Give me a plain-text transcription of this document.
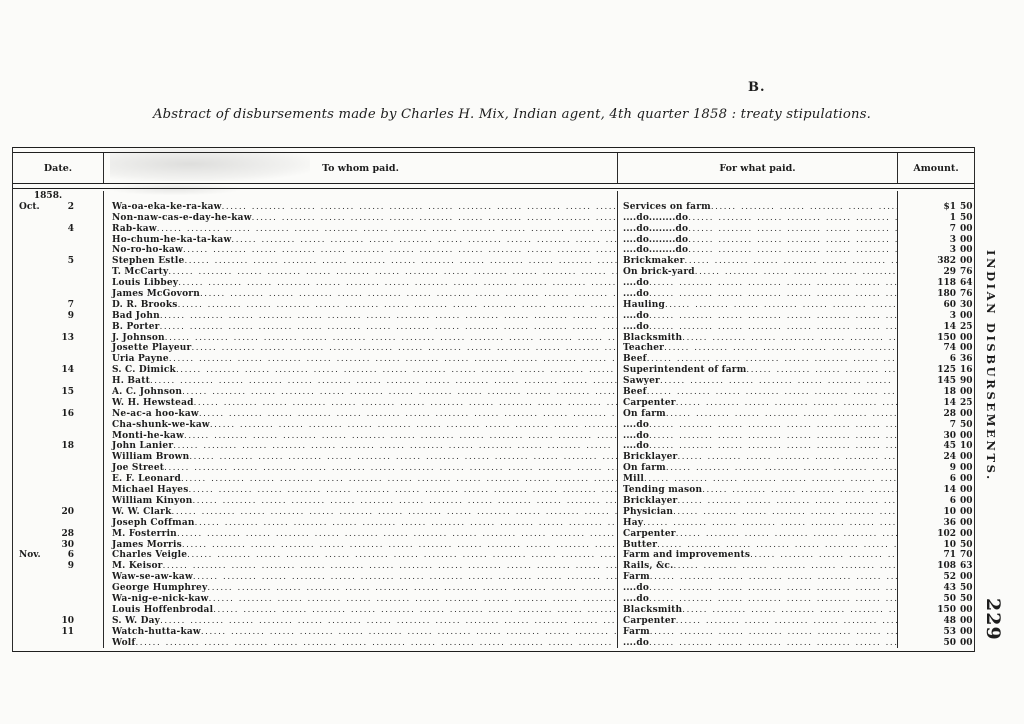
B.
Abstract of disbursements made by Charles H. Mix, Indian agent, 4th quarter 1858 : treaty stipulations.
Date.	To whom paid.	For what paid.	Amount.
1858.
Oct.	2	Wa-oa-eka-ke-ra-kaw .....	Services on farm .....	$1 50
Non-naw-cas-e-day-he-kaw .....	....do........do .....	1 50
4	Rab-kaw .....	....do........do .....	7 00
Ho-chum-he-ka-ta-kaw .....	....do........do .....	3 00
No-ro-ho-kaw .....	....do........do .....	3 00
5	Stephen Estle .....	Brickmaker .....	382 00
T. McCarty .....	On brick-yard .....	29 76
Louis Libbey .....	....do .....	118 64
James McGovorn .....	....do .....	180 76
7	D. R. Brooks .....	Hauling .....	60 30
9	Bad John .....	....do .....	3 00
B. Porter .....	....do .....	14 25
13	J. Johnson .....	Blacksmith .....	150 00
Josette Playeur .....	Teacher .....	74 00
Uria Payne .....	Beef .....	6 36
14	S. C. Dimick .....	Superintendent of farm .....	125 16
H. Batt .....	Sawyer .....	145 90
15	A. C. Johnson .....	Beef .....	18 00
W. H. Hewstead .....	Carpenter .....	14 25
16	Ne-ac-a hoo-kaw .....	On farm .....	28 00
Cha-shunk-we-kaw .....	....do .....	7 50
Monti-he-kaw .....	....do .....	30 00
18	John Lanier .....	....do .....	45 10
William Brown .....	Bricklayer .....	24 00
Joe Street .....	On farm .....	9 00
E. F. Leonard .....	Mill .....	6 00
Michael Hayes .....	Tending mason .....	14 00
William Kinyon .....	Bricklayer .....	6 00
20	W. W. Clark .....	Physician .....	10 00
Joseph Coffman .....	Hay .....	36 00
28	M. Fosterrin .....	Carpenter .....	102 00
30	James Morris .....	Butter .....	10 50
Nov.	6	Charles Veigle .....	Farm and improvements .....	71 70
9	M. Keisor .....	Rails, &c. .....	108 63
Waw-se-aw-kaw .....	Farm .....	52 00
George Humphrey .....	....do .....	43 50
Wa-nig-e-nick-kaw .....	....do .....	50 50
Louis Hoffenbrodal .....	Blacksmith .....	150 00
10	S. W. Day .....	Carpenter .....	48 00
11	Watch-hutta-kaw .....	Farm .....	53 00
Wolf .....	....do .....	50 00
INDIAN DISBURSEMENTS.
229
